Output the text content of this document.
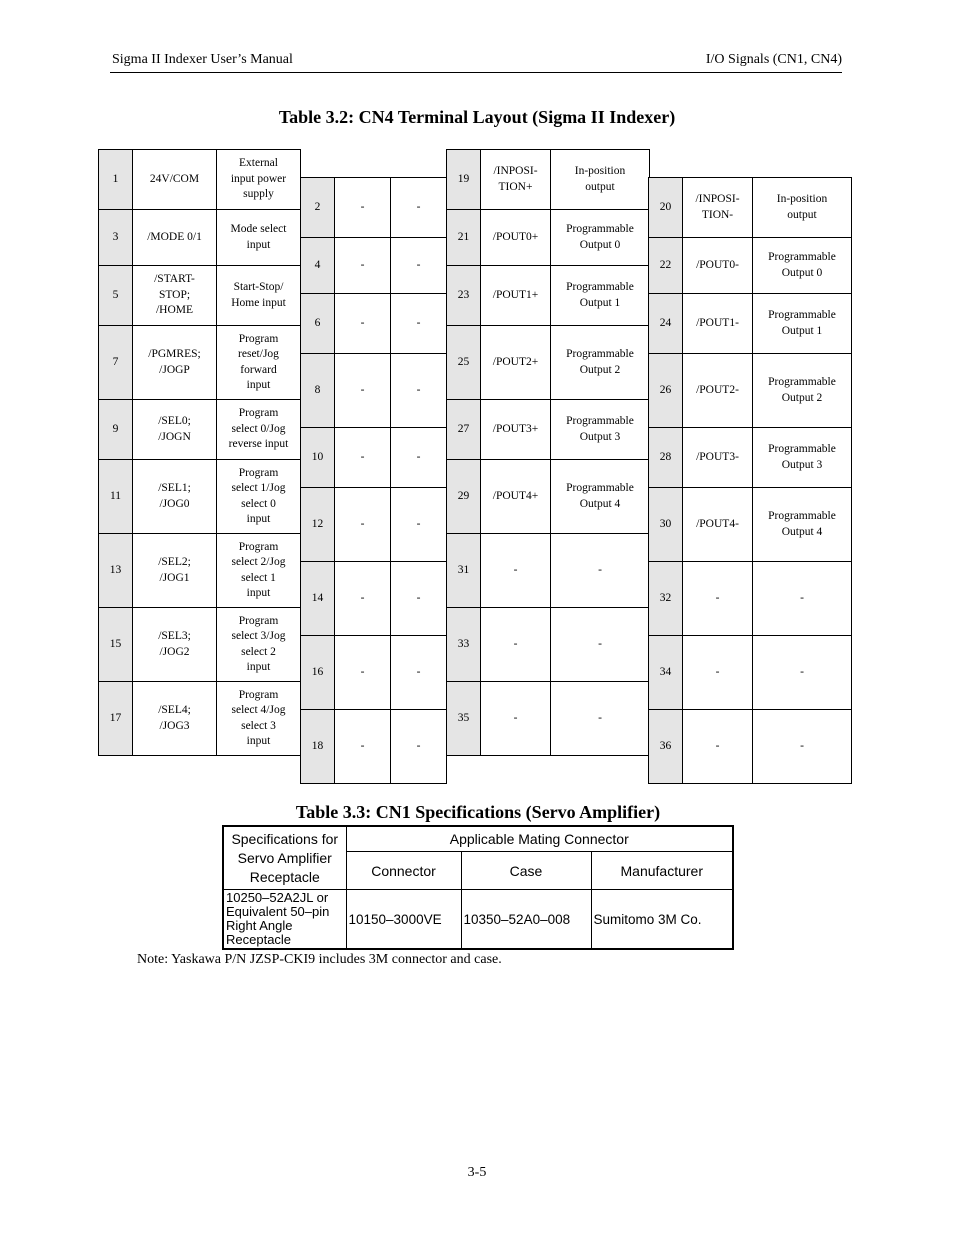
Sigma II Indexer User’s Manual	I/O Signals (CN1, CN4)
Table 3.2: CN4 Terminal Layout (Sigma II Indexer)
1	24V/COM	External
input power
supply
3	/MODE 0/1	Mode select
input
5	/START-
STOP;
/HOME	Start-Stop/
Home input
7	/PGMRES;
/JOGP	Program
reset/Jog
forward
input
9	/SEL0;
/JOGN	Program
select 0/Jog
reverse input
11	/SEL1;
/JOG0	Program
select 1/Jog
select 0
input
13	/SEL2;
/JOG1	Program
select 2/Jog
select 1
input
15	/SEL3;
/JOG2	Program
select 3/Jog
select 2
input
17	/SEL4;
/JOG3	Program
select 4/Jog
select 3
input
2	-	-
4	-	-
6	-	-
8	-	-
10	-	-
12	-	-
14	-	-
16	-	-
18	-	-
19	/INPOSI-
TION+	In-position
output
21	/POUT0+	Programmable
Output 0
23	/POUT1+	Programmable
Output 1
25	/POUT2+	Programmable
Output 2
27	/POUT3+	Programmable
Output 3
29	/POUT4+	Programmable
Output 4
31	-	-
33	-	-
35	-	-
20	/INPOSI-
TION-	In-position
output
22	/POUT0-	Programmable
Output 0
24	/POUT1-	Programmable
Output 1
26	/POUT2-	Programmable
Output 2
28	/POUT3-	Programmable
Output 3
30	/POUT4-	Programmable
Output 4
32	-	-
34	-	-
36	-	-
Table 3.3: CN1 Specifications (Servo Amplifier)
Specifications for
Servo Amplifier
Receptacle	Applicable Mating Connector		
	Connector	Case	Manufacturer
10250–52A2JL or
Equivalent 50–pin
Right Angle
Receptacle	10150–3000VE	10350–52A0–008	Sumitomo 3M Co.
Note: Yaskawa P/N JZSP-CKI9 includes 3M connector and case.
3-5
